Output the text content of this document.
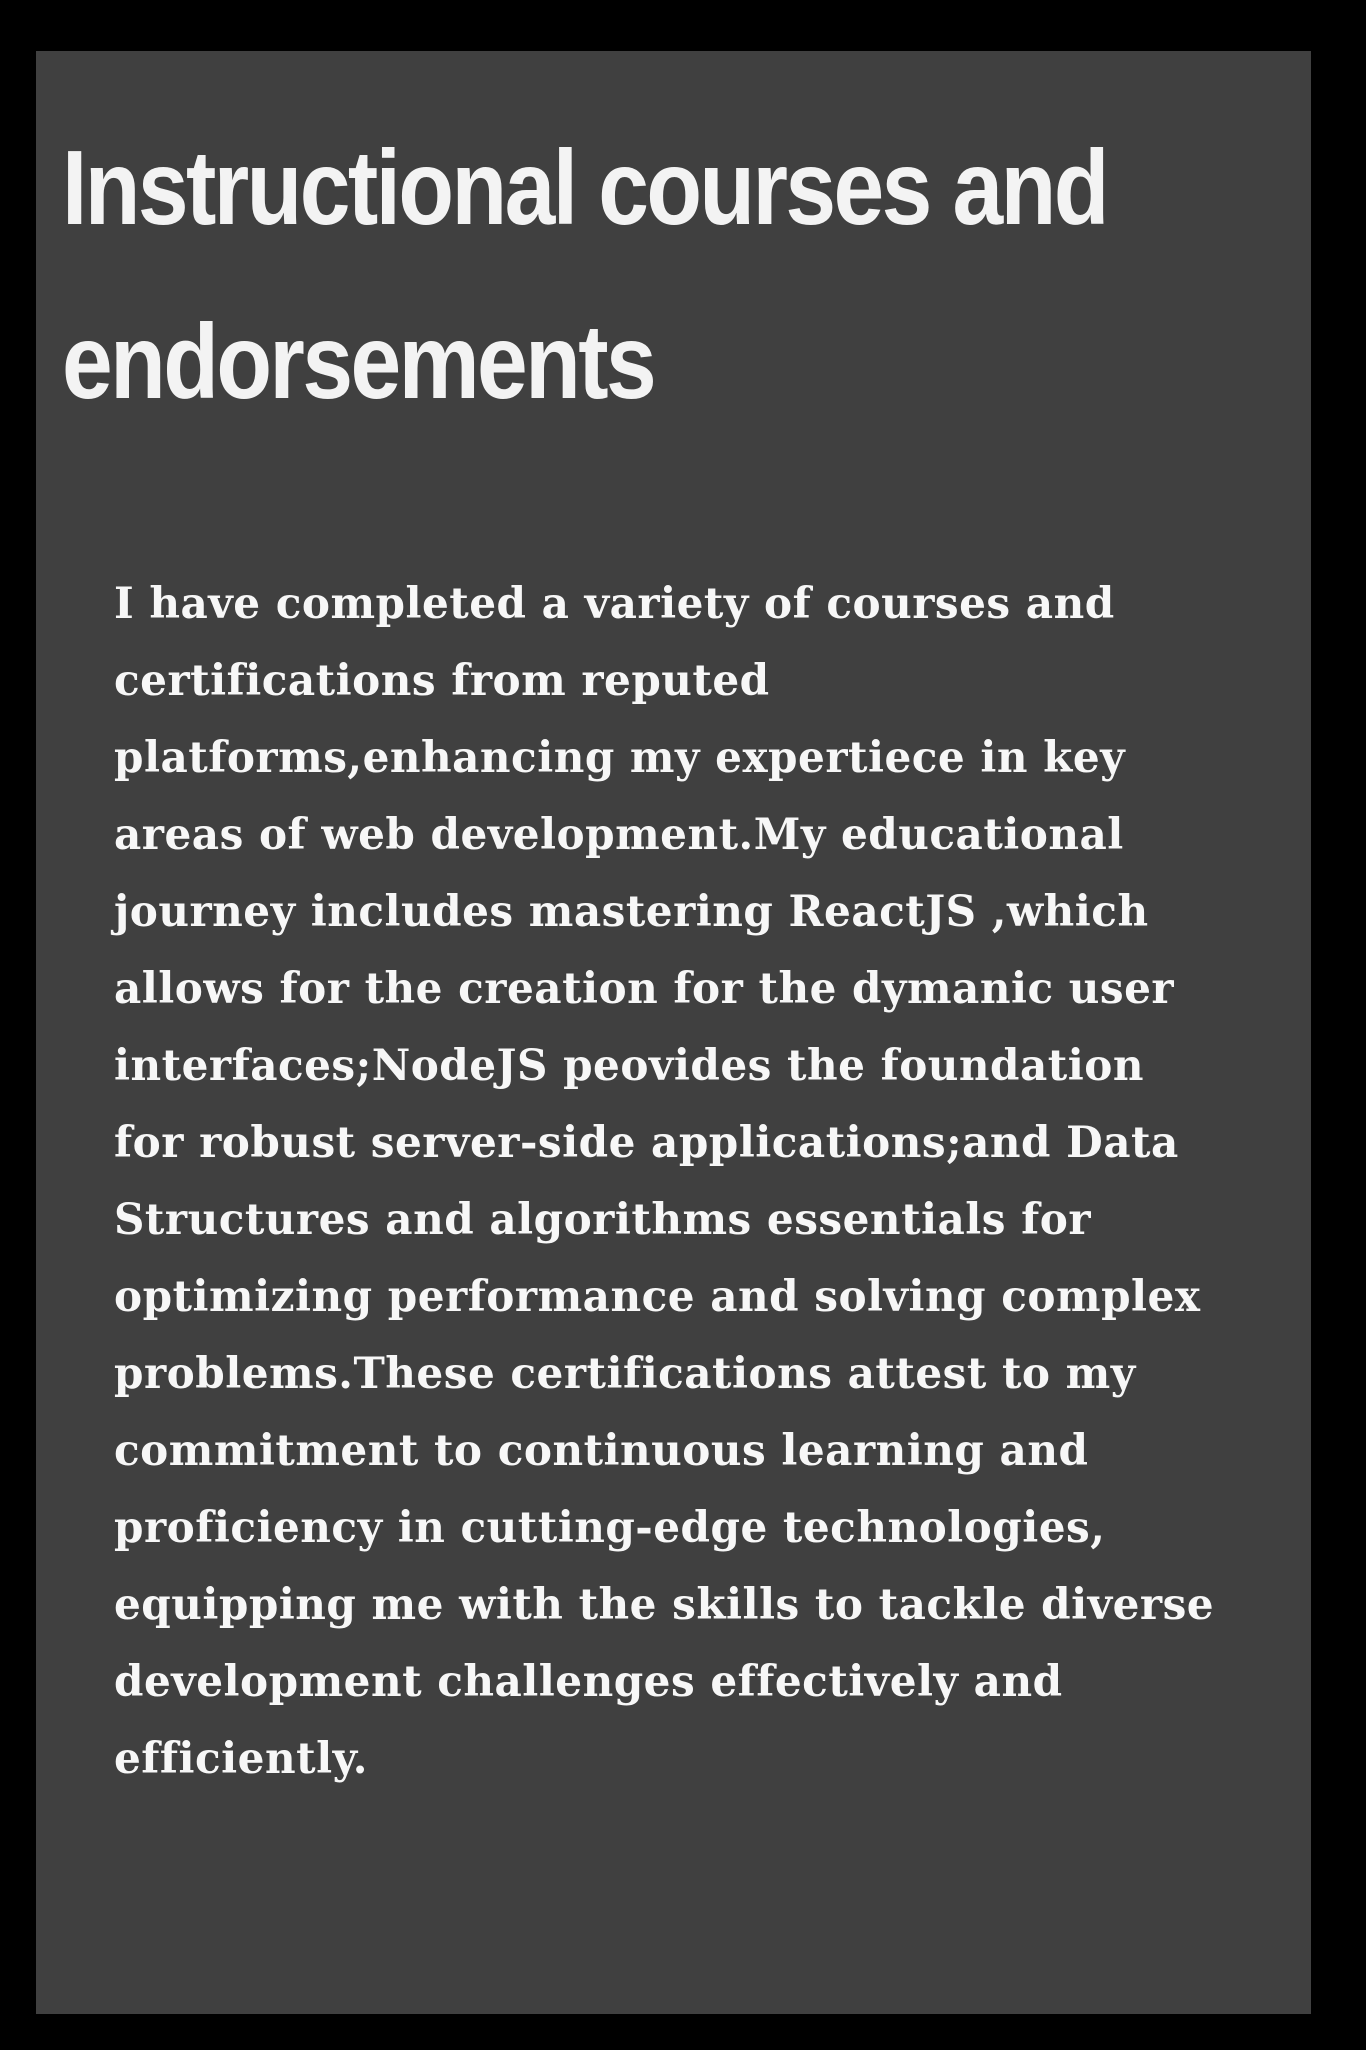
Instructional courses and endorsements

I have completed a variety of courses and certifications from reputed platforms,enhancing my expertiece in key areas of web development.My educational journey includes mastering ReactJS ,which allows for the creation for the dymanic user interfaces;NodeJS peovides the foundation for robust server-side applications;and Data Structures and algorithms essentials for optimizing performance and solving complex problems.These certifications attest to my commitment to continuous learning and proficiency in cutting-edge technologies, equipping me with the skills to tackle diverse development challenges effectively and efficiently.
